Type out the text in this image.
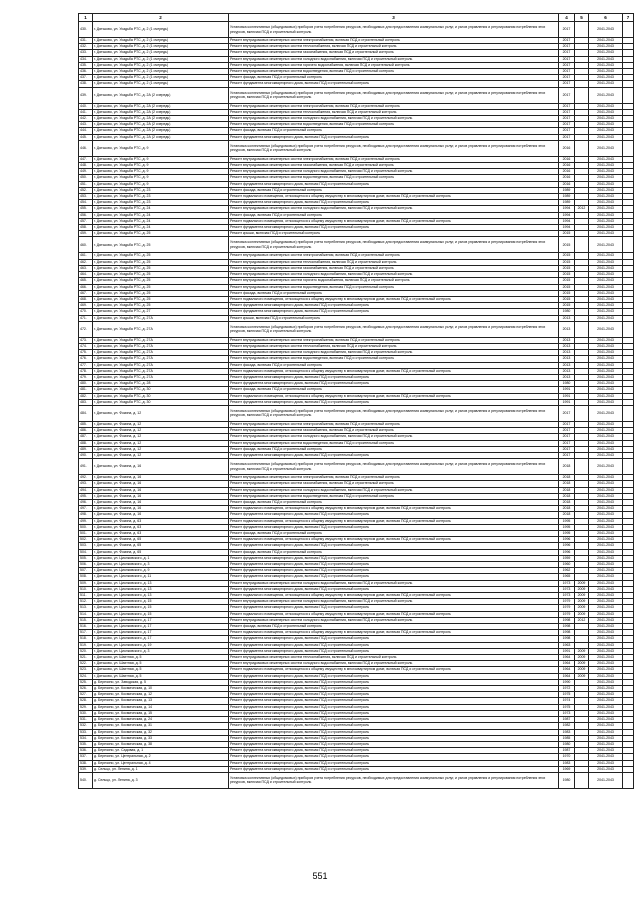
1	2	3	4	5	6	7
430.	г. Дятьково, ул. Усадьба РТС, д. 2 (1 очередь)	Установка коллективных (общедомовых) приборов учета потребления ресурсов, необходимых для предоставления коммунальных услуг, и узлов управления и регулирования потребления этих ресурсов, включая ПСД и строительный контроль	2017		2041-2043	
431.	г. Дятьково, ул. Усадьба РТС, д. 2 (1 очередь)	Ремонт внутридомовых инженерных систем электроснабжения, включая ПСД и строительный контроль	2017		2041-2043	
432.	г. Дятьково, ул. Усадьба РТС, д. 2 (1 очередь)	Ремонт внутридомовых инженерных систем теплоснабжения, включая ПСД и строительный контроль	2017		2041-2043	
433.	г. Дятьково, ул. Усадьба РТС, д. 2 (1 очередь)	Ремонт внутридомовых инженерных систем газоснабжения, включая ПСД и строительный контроль	2017		2041-2043	
434.	г. Дятьково, ул. Усадьба РТС, д. 2 (1 очередь)	Ремонт внутридомовых инженерных систем холодного водоснабжения, включая ПСД и строительный контроль	2017		2041-2043	
435.	г. Дятьково, ул. Усадьба РТС, д. 2 (1 очередь)	Ремонт внутридомовых инженерных систем горячего водоснабжения, включая ПСД и строительный контроль	2017		2041-2043	
436.	г. Дятьково, ул. Усадьба РТС, д. 2 (1 очередь)	Ремонт внутридомовых инженерных систем водоотведения, включая ПСД и строительный контроль	2017		2041-2043	
437.	г. Дятьково, ул. Усадьба РТС, д. 2 (1 очередь)	Ремонт фасада, включая ПСД и строительный контроль	2017		2041-2043	
438.	г. Дятьково, ул. Усадьба РТС, д. 2 (1 очередь)	Ремонт фундамента многоквартирного дома, включая ПСД и строительный контроль	2017		2041-2043	
439.	г. Дятьково, ул. Усадьба РТС, д. 2А (2 очередь)	Установка коллективных (общедомовых) приборов учета потребления ресурсов, необходимых для предоставления коммунальных услуг, и узлов управления и регулирования потребления этих ресурсов, включая ПСД и строительный контроль	2017		2041-2043	
440.	г. Дятьково, ул. Усадьба РТС, д. 2А (2 очередь)	Ремонт внутридомовых инженерных систем электроснабжения, включая ПСД и строительный контроль	2017		2041-2043	
441.	г. Дятьково, ул. Усадьба РТС, д. 2А (2 очередь)	Ремонт внутридомовых инженерных систем теплоснабжения, включая ПСД и строительный контроль	2017		2041-2043	
442.	г. Дятьково, ул. Усадьба РТС, д. 2А (2 очередь)	Ремонт внутридомовых инженерных систем холодного водоснабжения, включая ПСД и строительный контроль	2017		2041-2043	
443.	г. Дятьково, ул. Усадьба РТС, д. 2А (2 очередь)	Ремонт внутридомовых инженерных систем водоотведения, включая ПСД и строительный контроль	2017		2041-2043	
444.	г. Дятьково, ул. Усадьба РТС, д. 2А (2 очередь)	Ремонт фасада, включая ПСД и строительный контроль	2017		2041-2043	
445.	г. Дятьково, ул. Усадьба РТС, д. 2А (2 очередь)	Ремонт фундамента многоквартирного дома, включая ПСД и строительный контроль	2017		2041-2043	
446.	г. Дятьково, ул. Усадьба РТС, д. 9	Установка коллективных (общедомовых) приборов учета потребления ресурсов, необходимых для предоставления коммунальных услуг, и узлов управления и регулирования потребления этих ресурсов, включая ПСД и строительный контроль	2016		2041-2043	
447.	г. Дятьково, ул. Усадьба РТС, д. 9	Ремонт внутридомовых инженерных систем электроснабжения, включая ПСД и строительный контроль	2016		2041-2043	
448.	г. Дятьково, ул. Усадьба РТС, д. 9	Ремонт внутридомовых инженерных систем газоснабжения, включая ПСД и строительный контроль	2016		2041-2043	
449.	г. Дятьково, ул. Усадьба РТС, д. 9	Ремонт внутридомовых инженерных систем холодного водоснабжения, включая ПСД и строительный контроль	2016		2041-2043	
450.	г. Дятьково, ул. Усадьба РТС, д. 9	Ремонт внутридомовых инженерных систем водоотведения, включая ПСД и строительный контроль	2016		2041-2043	
451.	г. Дятьково, ул. Усадьба РТС, д. 9	Ремонт фундамента многоквартирного дома, включая ПСД и строительный контроль	2016		2041-2043	
452.	г. Дятьково, ул. Усадьба РТС, д. 23	Ремонт фасада, включая ПСД и строительный контроль	1989		2041-2043	
453.	г. Дятьково, ул. Усадьба РТС, д. 23	Ремонт подвального помещения, относящегося к общему имуществу в многоквартирном доме, включая ПСД и строительный контроль	1989		2041-2043	
454.	г. Дятьково, ул. Усадьба РТС, д. 23	Ремонт фундамента многоквартирного дома, включая ПСД и строительный контроль	1989		2041-2043	
455.	г. Дятьково, ул. Усадьба РТС, д. 24	Ремонт внутридомовых инженерных систем холодного водоснабжения, включая ПСД и строительный контроль	1994	2012	2041-2043	
456.	г. Дятьково, ул. Усадьба РТС, д. 24	Ремонт фасада, включая ПСД и строительный контроль	1994		2041-2043	
457.	г. Дятьково, ул. Усадьба РТС, д. 24	Ремонт подвального помещения, относящегося к общему имуществу в многоквартирном доме, включая ПСД и строительный контроль	1994		2041-2043	
458.	г. Дятьково, ул. Усадьба РТС, д. 24	Ремонт фундамента многоквартирного дома, включая ПСД и строительный контроль	1994		2041-2043	
459.	г. Дятьково, ул. Усадьба РТС, д. 25	Ремонт крыши, включая ПСД и строительный контроль	2015		2041-2043	
460.	г. Дятьково, ул. Усадьба РТС, д. 25	Установка коллективных (общедомовых) приборов учета потребления ресурсов, необходимых для предоставления коммунальных услуг, и узлов управления и регулирования потребления этих ресурсов, включая ПСД и строительный контроль	2015		2041-2043	
461.	г. Дятьково, ул. Усадьба РТС, д. 25	Ремонт внутридомовых инженерных систем электроснабжения, включая ПСД и строительный контроль	2015		2041-2043	
462.	г. Дятьково, ул. Усадьба РТС, д. 25	Ремонт внутридомовых инженерных систем теплоснабжения, включая ПСД и строительный контроль	2015		2041-2043	
463.	г. Дятьково, ул. Усадьба РТС, д. 25	Ремонт внутридомовых инженерных систем газоснабжения, включая ПСД и строительный контроль	2015		2041-2043	
464.	г. Дятьково, ул. Усадьба РТС, д. 25	Ремонт внутридомовых инженерных систем холодного водоснабжения, включая ПСД и строительный контроль	2015		2041-2043	
465.	г. Дятьково, ул. Усадьба РТС, д. 25	Ремонт внутридомовых инженерных систем горячего водоснабжения, включая ПСД и строительный контроль	2015		2041-2043	
466.	г. Дятьково, ул. Усадьба РТС, д. 25	Ремонт внутридомовых инженерных систем водоотведения, включая ПСД и строительный контроль	2015		2041-2043	
467.	г. Дятьково, ул. Усадьба РТС, д. 25	Ремонт фасада, включая ПСД и строительный контроль	2015		2041-2043	
468.	г. Дятьково, ул. Усадьба РТС, д. 25	Ремонт подвального помещения, относящегося к общему имуществу в многоквартирном доме, включая ПСД и строительный контроль	2015		2041-2043	
469.	г. Дятьково, ул. Усадьба РТС, д. 25	Ремонт фундамента многоквартирного дома, включая ПСД и строительный контроль	2015		2041-2043	
470.	г. Дятьково, ул. Усадьба РТС, д. 27	Ремонт фундамента многоквартирного дома, включая ПСД и строительный контроль	1980		2041-2043	
471.	г. Дятьково, ул. Усадьба РТС, д. 27А	Ремонт крыши, включая ПСД и строительный контроль	2013		2041-2043	
472.	г. Дятьково, ул. Усадьба РТС, д. 27А	Установка коллективных (общедомовых) приборов учета потребления ресурсов, необходимых для предоставления коммунальных услуг, и узлов управления и регулирования потребления этих ресурсов, включая ПСД и строительный контроль	2013		2041-2043	
473.	г. Дятьково, ул. Усадьба РТС, д. 27А	Ремонт внутридомовых инженерных систем электроснабжения, включая ПСД и строительный контроль	2013		2041-2043	
474.	г. Дятьково, ул. Усадьба РТС, д. 27А	Ремонт внутридомовых инженерных систем теплоснабжения, включая ПСД и строительный контроль	2013		2041-2043	
475.	г. Дятьково, ул. Усадьба РТС, д. 27А	Ремонт внутридомовых инженерных систем холодного водоснабжения, включая ПСД и строительный контроль	2013		2041-2043	
476.	г. Дятьково, ул. Усадьба РТС, д. 27А	Ремонт внутридомовых инженерных систем водоотведения, включая ПСД и строительный контроль	2013		2041-2043	
477.	г. Дятьково, ул. Усадьба РТС, д. 27А	Ремонт фасада, включая ПСД и строительный контроль	2013		2041-2043	
478.	г. Дятьково, ул. Усадьба РТС, д. 27А	Ремонт подвального помещения, относящегося к общему имуществу в многоквартирном доме, включая ПСД и строительный контроль	2013		2041-2043	
479.	г. Дятьково, ул. Усадьба РТС, д. 27А	Ремонт фундамента многоквартирного дома, включая ПСД и строительный контроль	2013		2041-2043	
480.	г. Дятьково, ул. Усадьба РТС, д. 28	Ремонт фундамента многоквартирного дома, включая ПСД и строительный контроль	1980		2041-2043	
481.	г. Дятьково, ул. Усадьба РТС, д. 30	Ремонт фасада, включая ПСД и строительный контроль	1991		2041-2043	
482.	г. Дятьково, ул. Усадьба РТС, д. 30	Ремонт подвального помещения, относящегося к общему имуществу в многоквартирном доме, включая ПСД и строительный контроль	1991		2041-2043	
483.	г. Дятьково, ул. Усадьба РТС, д. 30	Ремонт фундамента многоквартирного дома, включая ПСД и строительный контроль	1991		2041-2043	
484.	г. Дятьково, ул. Фокина, д. 12	Установка коллективных (общедомовых) приборов учета потребления ресурсов, необходимых для предоставления коммунальных услуг, и узлов управления и регулирования потребления этих ресурсов, включая ПСД и строительный контроль	2017		2041-2043	
485.	г. Дятьково, ул. Фокина, д. 12	Ремонт внутридомовых инженерных систем электроснабжения, включая ПСД и строительный контроль	2017		2041-2043	
486.	г. Дятьково, ул. Фокина, д. 12	Ремонт внутридомовых инженерных систем газоснабжения, включая ПСД и строительный контроль	2017		2041-2043	
487.	г. Дятьково, ул. Фокина, д. 12	Ремонт внутридомовых инженерных систем холодного водоснабжения, включая ПСД и строительный контроль	2017		2041-2043	
488.	г. Дятьково, ул. Фокина, д. 12	Ремонт внутридомовых инженерных систем водоотведения, включая ПСД и строительный контроль	2017		2041-2043	
489.	г. Дятьково, ул. Фокина, д. 12	Ремонт фасада, включая ПСД и строительный контроль	2017		2041-2043	
490.	г. Дятьково, ул. Фокина, д. 12	Ремонт фундамента многоквартирного дома, включая ПСД и строительный контроль	2017		2041-2043	
491.	г. Дятьково, ул. Фокина, д. 16	Установка коллективных (общедомовых) приборов учета потребления ресурсов, необходимых для предоставления коммунальных услуг, и узлов управления и регулирования потребления этих ресурсов, включая ПСД и строительный контроль	2018		2041-2043	
492.	г. Дятьково, ул. Фокина, д. 16	Ремонт внутридомовых инженерных систем электроснабжения, включая ПСД и строительный контроль	2018		2041-2043	
493.	г. Дятьково, ул. Фокина, д. 16	Ремонт внутридомовых инженерных систем газоснабжения, включая ПСД и строительный контроль	2018		2041-2043	
494.	г. Дятьково, ул. Фокина, д. 16	Ремонт внутридомовых инженерных систем холодного водоснабжения, включая ПСД и строительный контроль	2018		2041-2043	
495.	г. Дятьково, ул. Фокина, д. 16	Ремонт внутридомовых инженерных систем водоотведения, включая ПСД и строительный контроль	2018		2041-2043	
496.	г. Дятьково, ул. Фокина, д. 16	Ремонт фасада, включая ПСД и строительный контроль	2018		2041-2043	
497.	г. Дятьково, ул. Фокина, д. 16	Ремонт подвального помещения, относящегося к общему имуществу в многоквартирном доме, включая ПСД и строительный контроль	2018		2041-2043	
498.	г. Дятьково, ул. Фокина, д. 16	Ремонт фундамента многоквартирного дома, включая ПСД и строительный контроль	2018		2041-2043	
499.	г. Дятьково, ул. Фокина, д. 63	Ремонт подвального помещения, относящегося к общему имуществу в многоквартирном доме, включая ПСД и строительный контроль	1995		2041-2043	
500.	г. Дятьково, ул. Фокина, д. 63	Ремонт фундамента многоквартирного дома, включая ПСД и строительный контроль	1995		2041-2043	
501.	г. Дятьково, ул. Фокина, д. 63	Ремонт фасада, включая ПСД и строительный контроль	1995		2041-2043	
502.	г. Дятьково, ул. Фокина, д. 65	Ремонт подвального помещения, относящегося к общему имуществу в многоквартирном доме, включая ПСД и строительный контроль	1996		2041-2043	
503.	г. Дятьково, ул. Фокина, д. 65	Ремонт фундамента многоквартирного дома, включая ПСД и строительный контроль	1996		2041-2043	
504.	г. Дятьково, ул. Фокина, д. 65	Ремонт фасада, включая ПСД и строительный контроль	1996		2041-2043	
505.	г. Дятьково, ул. Циолковского, д. 1	Ремонт фундамента многоквартирного дома, включая ПСД и строительный контроль	1959		2041-2043	
506.	г. Дятьково, ул. Циолковского, д. 3	Ремонт фундамента многоквартирного дома, включая ПСД и строительный контроль	1960		2041-2043	
507.	г. Дятьково, ул. Циолковского, д. 9	Ремонт фундамента многоквартирного дома, включая ПСД и строительный контроль	1962		2041-2043	
508.	г. Дятьково, ул. Циолковского, д. 11	Ремонт фундамента многоквартирного дома, включая ПСД и строительный контроль	1965		2041-2043	
509.	г. Дятьково, ул. Циолковского, д. 13	Ремонт внутридомовых инженерных систем холодного водоснабжения, включая ПСД и строительный контроль	1973	2009	2041-2043	
510.	г. Дятьково, ул. Циолковского, д. 13	Ремонт фундамента многоквартирного дома, включая ПСД и строительный контроль	1973	2009	2041-2043	
511.	г. Дятьково, ул. Циолковского, д. 13	Ремонт подвального помещения, относящегося к общему имуществу в многоквартирном доме, включая ПСД и строительный контроль	1973	2009	2041-2043	
512.	г. Дятьково, ул. Циолковского, д. 15	Ремонт внутридомовых инженерных систем холодного водоснабжения, включая ПСД и строительный контроль	1979	2009	2041-2043	
513.	г. Дятьково, ул. Циолковского, д. 15	Ремонт фундамента многоквартирного дома, включая ПСД и строительный контроль	1979	2009	2041-2043	
514.	г. Дятьково, ул. Циолковского, д. 15	Ремонт подвального помещения, относящегося к общему имуществу в многоквартирном доме, включая ПСД и строительный контроль	1979	2009	2041-2043	
515.	г. Дятьково, ул. Циолковского, д. 17	Ремонт внутридомовых инженерных систем холодного водоснабжения, включая ПСД и строительный контроль	1998	2012	2041-2043	
516.	г. Дятьково, ул. Циолковского, д. 17	Ремонт фасада, включая ПСД и строительный контроль	1998		2041-2043	
517.	г. Дятьково, ул. Циолковского, д. 17	Ремонт подвального помещения, относящегося к общему имуществу в многоквартирном доме, включая ПСД и строительный контроль	1998		2041-2043	
518.	г. Дятьково, ул. Циолковского, д. 17	Ремонт фундамента многоквартирного дома, включая ПСД и строительный контроль	1998		2041-2043	
519.	г. Дятьково, ул. Циолковского, д. 19	Ремонт фундамента многоквартирного дома, включая ПСД и строительный контроль	1963		2041-2043	
520.	г. Дятьково, ул. Циолковского, д. 3	Ремонт фундамента многоквартирного дома, включая ПСД и строительный контроль	1991	2009	2041-2043	
521.	г. Дятьково, ул. Шахтная, д. 5	Ремонт внутридомовых инженерных систем теплоснабжения, включая ПСД и строительный контроль	1964	2009	2041-2043	
522.	г. Дятьково, ул. Шахтная, д. 5	Ремонт внутридомовых инженерных систем холодного водоснабжения, включая ПСД и строительный контроль	1964	2009	2041-2043	
523.	г. Дятьково, ул. Шахтная, д. 5	Ремонт подвального помещения, относящегося к общему имуществу в многоквартирном доме, включая ПСД и строительный контроль	1964	2009	2041-2043	
524.	г. Дятьково, ул. Шахтная, д. 5	Ремонт фундамента многоквартирного дома, включая ПСД и строительный контроль	1964	2009	2041-2043	
525.	д. Березино, ул. Заводская, д. 5	Ремонт фундамента многоквартирного дома, включая ПСД и строительный контроль	1990		2041-2043	
526.	д. Березино, ул. Космическая, д. 10	Ремонт фундамента многоквартирного дома, включая ПСД и строительный контроль	1972		2041-2043	
527.	д. Березино, ул. Космическая, д. 12	Ремонт фундамента многоквартирного дома, включая ПСД и строительный контроль	1975		2041-2043	
528.	д. Березино, ул. Космическая, д. 13	Ремонт фундамента многоквартирного дома, включая ПСД и строительный контроль	1974		2041-2043	
529.	д. Березино, ул. Космическая, д. 14	Ремонт фундамента многоквартирного дома, включая ПСД и строительный контроль	1975		2041-2043	
530.	д. Березино, ул. Космическая, д. 15	Ремонт фундамента многоквартирного дома, включая ПСД и строительный контроль	1973		2041-2043	
531.	д. Березино, ул. Космическая, д. 24	Ремонт фундамента многоквартирного дома, включая ПСД и строительный контроль	1987		2041-2043	
532.	д. Березино, ул. Космическая, д. 31	Ремонт фундамента многоквартирного дома, включая ПСД и строительный контроль	1982		2041-2043	
533.	д. Березино, ул. Космическая, д. 32	Ремонт фундамента многоквартирного дома, включая ПСД и строительный контроль	1983		2041-2043	
534.	д. Березино, ул. Космическая, д. 33	Ремонт фундамента многоквартирного дома, включая ПСД и строительный контроль	1985		2041-2043	
535.	д. Березино, ул. Космическая, д. 38	Ремонт фундамента многоквартирного дома, включая ПСД и строительный контроль	1980		2041-2043	
536.	д. Березино, ул. Садовая, д. 1	Ремонт фундамента многоквартирного дома, включая ПСД и строительный контроль	1987		2041-2043	
537.	д. Березино, ул. Центральная, д. 2	Ремонт фундамента многоквартирного дома, включая ПСД и строительный контроль	1970		2041-2043	
538.	д. Березино, ул. Центральная, д. 4	Ремонт фундамента многоквартирного дома, включая ПСД и строительный контроль	1983		2041-2043	
539.	д. Сельцо, ул. Ленина, д. 1	Ремонт фундамента многоквартирного дома, включая ПСД и строительный контроль	1969		2041-2043	
540.	д. Сельцо, ул. Ленина, д. 3	Установка коллективных (общедомовых) приборов учета потребления ресурсов, необходимых для предоставления коммунальных услуг, и узлов управления и регулирования потребления этих ресурсов, включая ПСД и строительный контроль	1980		2041-2043	
551
